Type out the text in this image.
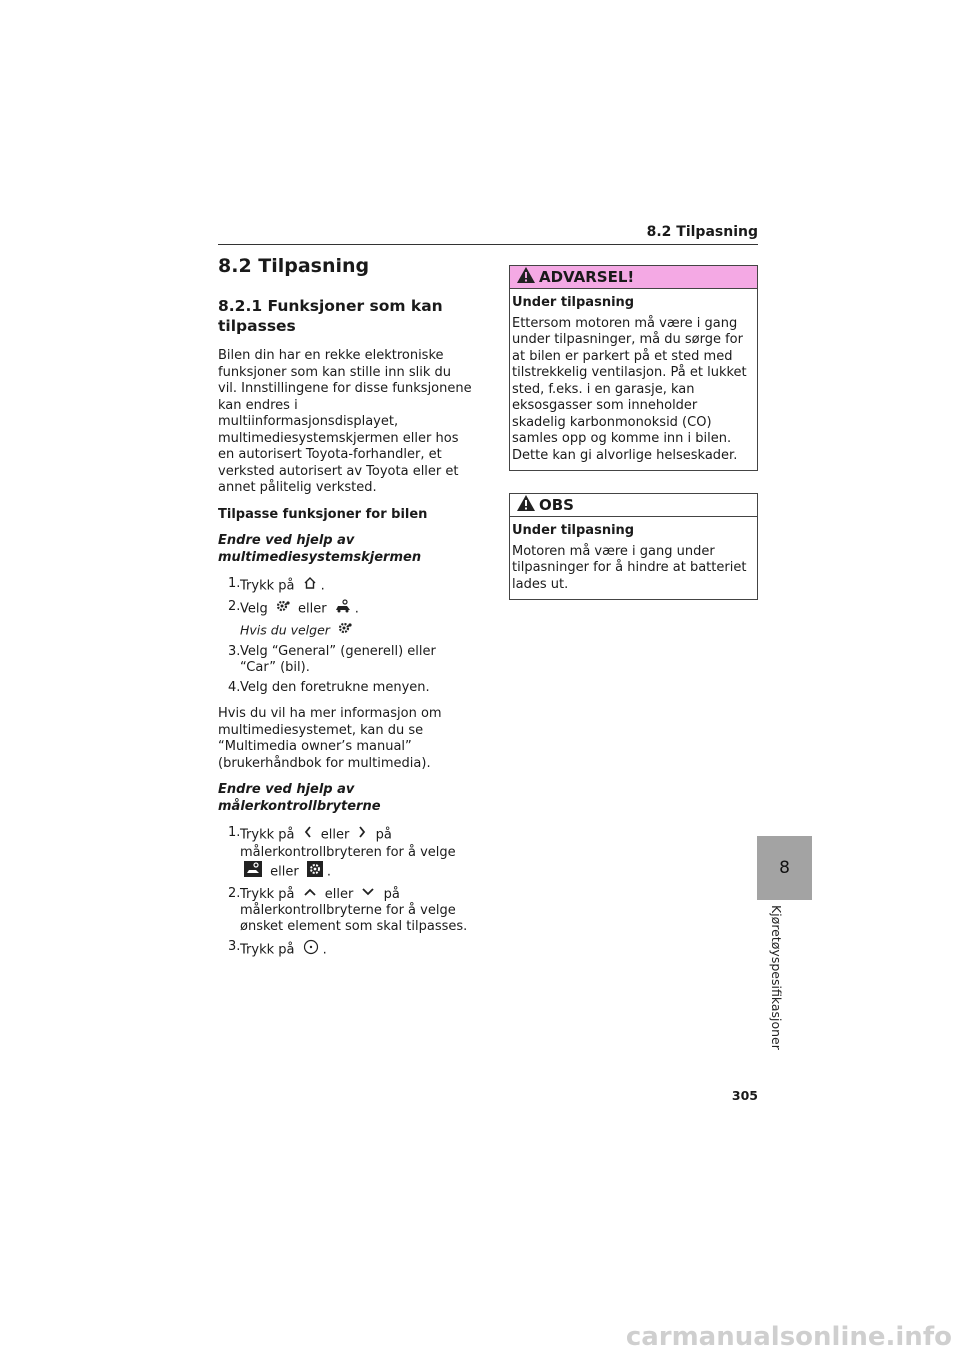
8.2 Tilpasning
8.2 Tilpasning
8.2.1 Funksjoner som kan tilpasses

Bilen din har en rekke elektroniske funksjoner som kan stille inn slik du vil. Innstillingene for disse funksjonene kan endres i multiinformasjonsdisplayet, multimediesystemskjermen eller hos en autorisert Toyota-forhandler, et verksted autorisert av Toyota eller et annet pålitelig verksted.

Tilpasse funksjoner for bilen

Endre ved hjelp av multimediesystemskjermen

1. Trykk på .
2. Velg eller .
Hvis du velger
3. Velg “General” (generell) eller “Car” (bil).
4. Velg den foretrukne menyen.

Hvis du vil ha mer informasjon om multimediesystemet, kan du se “Multimedia owner’s manual” (brukerhåndbok for multimedia).

Endre ved hjelp av målerkontrollbryterne

1. Trykk på eller på målerkontrollbryteren for å velge  eller .
2. Trykk på eller på målerkontrollbryterne for å velge ønsket element som skal tilpasses.
3. Trykk på .
ADVARSEL!

Under tilpasning

Ettersom motoren må være i gang under tilpasninger, må du sørge for at bilen er parkert på et sted med tilstrekkelig ventilasjon. På et lukket sted, f.eks. i en garasje, kan eksosgasser som inneholder skadelig karbonmonoksid (CO) samles opp og komme inn i bilen. Dette kan gi alvorlige helseskader.

OBS

Under tilpasning

Motoren må være i gang under tilpasninger for å hindre at batteriet lades ut.

8
Kjøretøyspesifikasjoner
305
carmanualsonline.info
